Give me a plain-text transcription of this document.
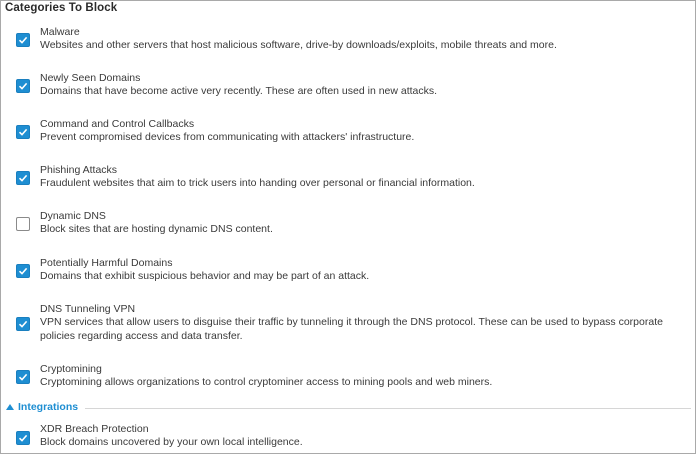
Categories To Block
Malware
Websites and other servers that host malicious software, drive-by downloads/exploits, mobile threats and more.
Newly Seen Domains
Domains that have become active very recently. These are often used in new attacks.
Command and Control Callbacks
Prevent compromised devices from communicating with attackers' infrastructure.
Phishing Attacks
Fraudulent websites that aim to trick users into handing over personal or financial information.
Dynamic DNS
Block sites that are hosting dynamic DNS content.
Potentially Harmful Domains
Domains that exhibit suspicious behavior and may be part of an attack.
DNS Tunneling VPN
VPN services that allow users to disguise their traffic by tunneling it through the DNS protocol. These can be used to bypass corporate policies regarding access and data transfer.
Cryptomining
Cryptomining allows organizations to control cryptominer access to mining pools and web miners.
Integrations
XDR Breach Protection
Block domains uncovered by your own local intelligence.
